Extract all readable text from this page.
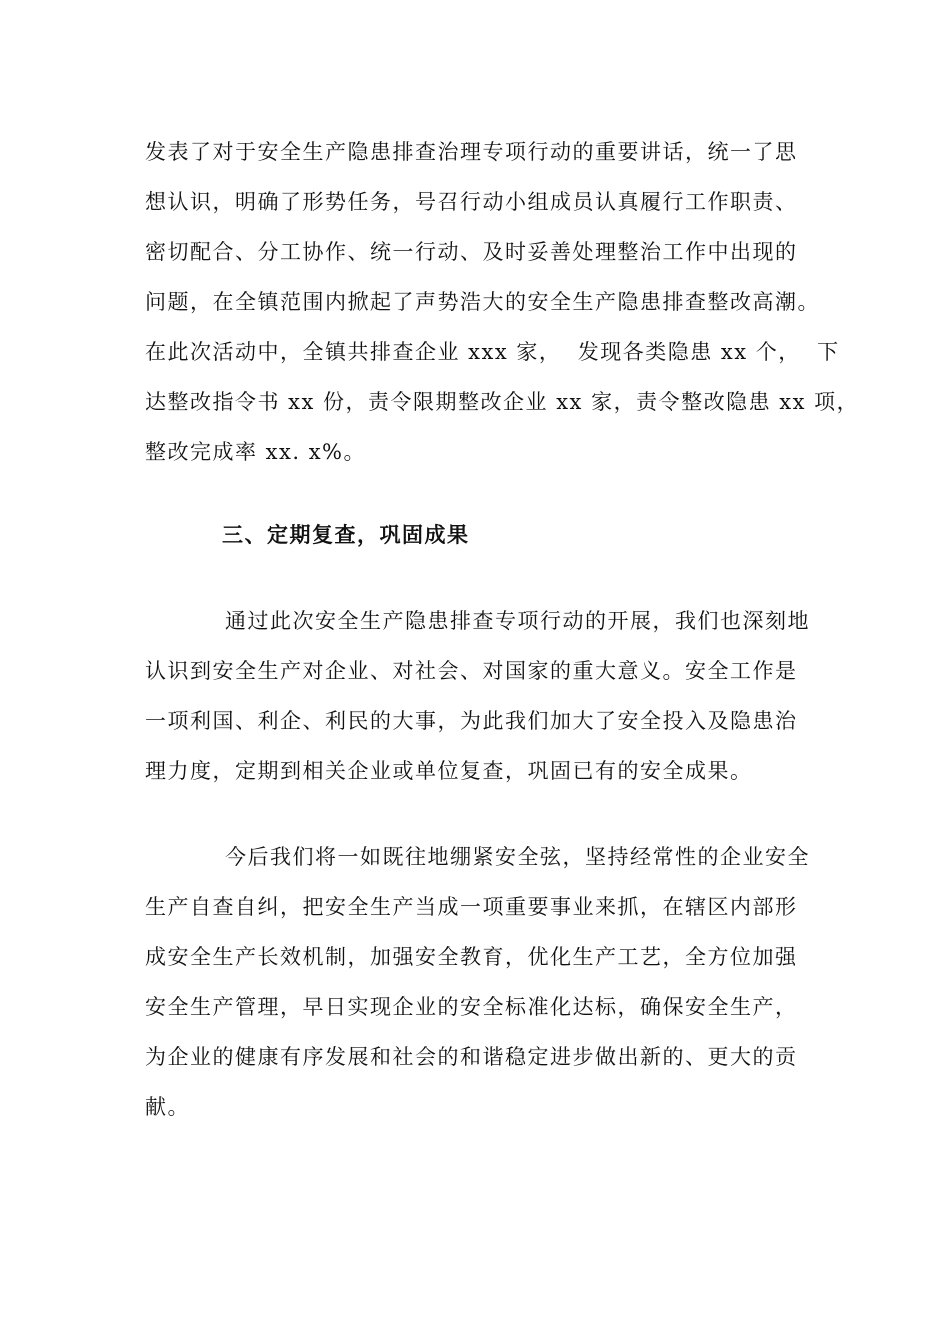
发表了对于安全生产隐患排查治理专项行动的重要讲话，统一了思
想认识，明确了形势任务，号召行动小组成员认真履行工作职责、
密切配合、分工协作、统一行动、及时妥善处理整治工作中出现的
问题，在全镇范围内掀起了声势浩大的安全生产隐患排查整改高潮。
在此次活动中，全镇共排查企业 xxx 家，  发现各类隐患 xx 个，  下
达整改指令书 xx 份，责令限期整改企业 xx 家，责令整改隐患 xx 项，
整改完成率 xx. x%。
三、定期复查，巩固成果
通过此次安全生产隐患排查专项行动的开展，我们也深刻地
认识到安全生产对企业、对社会、对国家的重大意义。安全工作是
一项利国、利企、利民的大事，为此我们加大了安全投入及隐患治
理力度，定期到相关企业或单位复查，巩固已有的安全成果。
今后我们将一如既往地绷紧安全弦，坚持经常性的企业安全
生产自查自纠，把安全生产当成一项重要事业来抓，在辖区内部形
成安全生产长效机制，加强安全教育，优化生产工艺，全方位加强
安全生产管理，早日实现企业的安全标准化达标，确保安全生产，
为企业的健康有序发展和社会的和谐稳定进步做出新的、更大的贡
献。
